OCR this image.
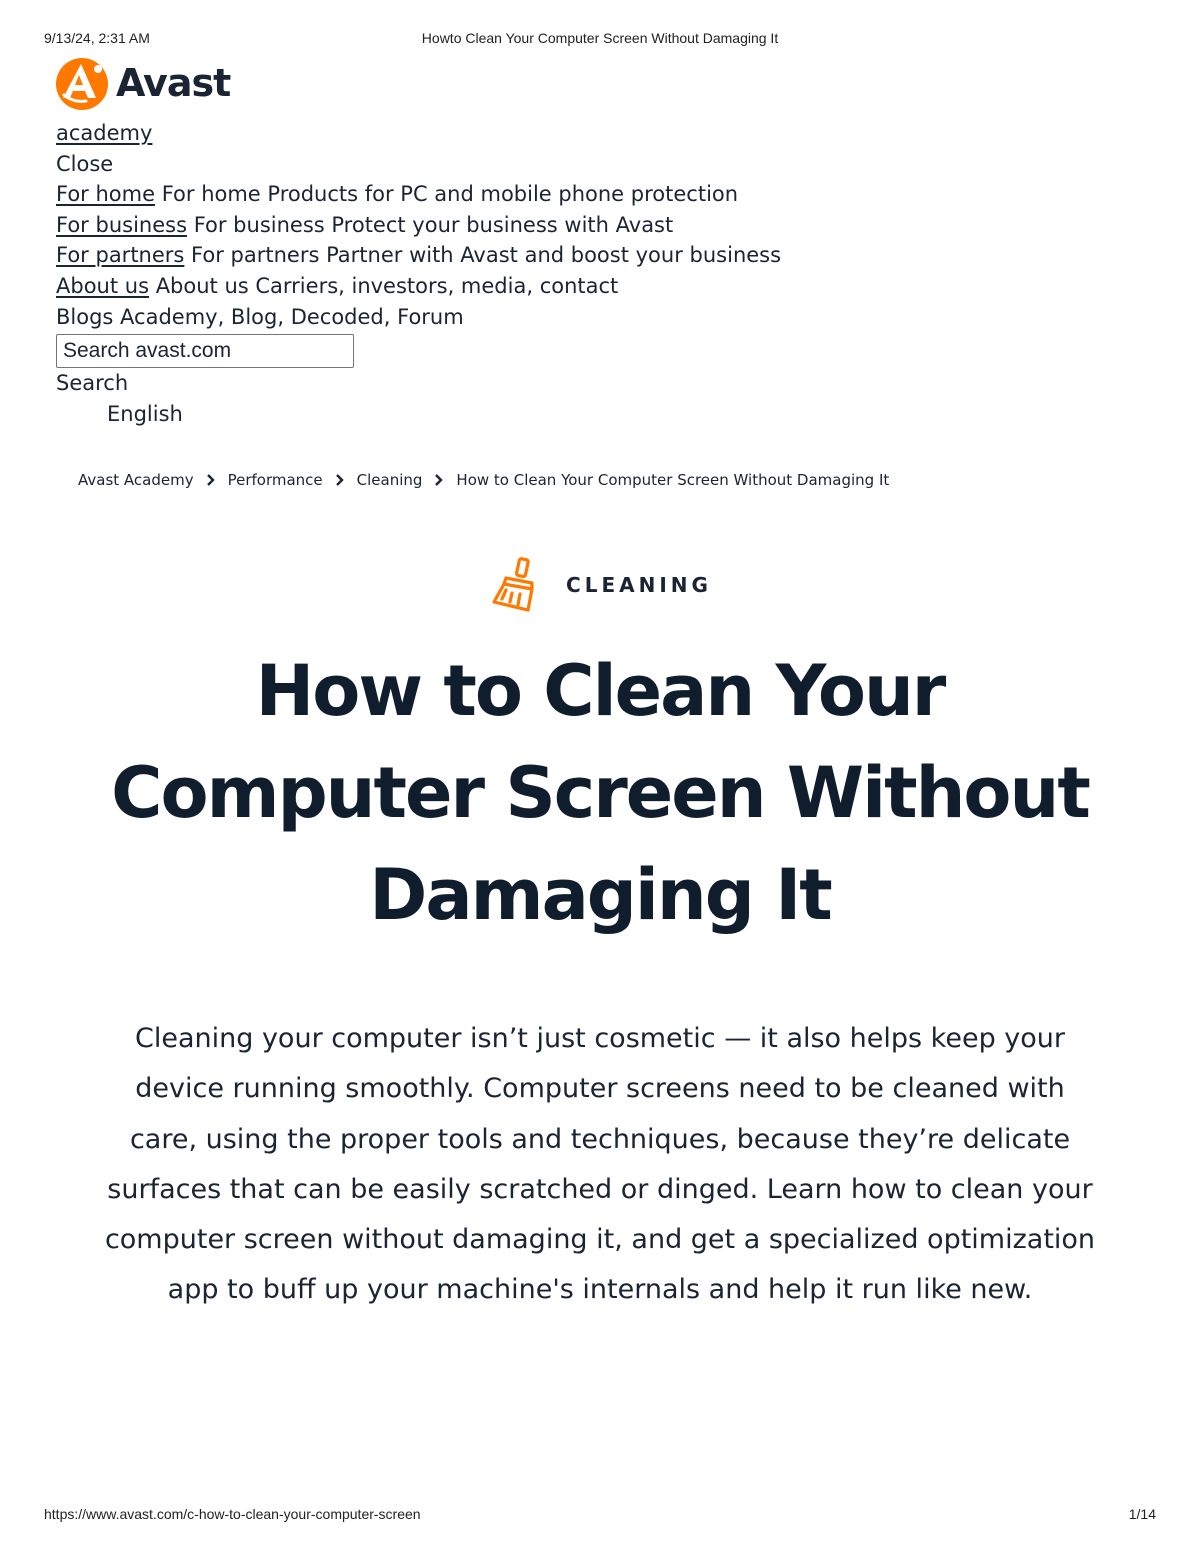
9/13/24, 2:31 AM	Howto Clean Your Computer Screen Without Damaging It
Avast
academy
Close
For home For home Products for PC and mobile phone protection
For business For business Protect your business with Avast
For partners For partners Partner with Avast and boost your business
About us About us Carriers, investors, media, contact
Blogs Academy, Blog, Decoded, Forum
Search avast.com
Search
English
Avast Academy Performance Cleaning How to Clean Your Computer Screen Without Damaging It
CLEANING
How to Clean Your Computer Screen Without Damaging It

Cleaning your computer isn’t just cosmetic — it also helps keep your device running smoothly. Computer screens need to be cleaned with care, using the proper tools and techniques, because they’re delicate surfaces that can be easily scratched or dinged. Learn how to clean your computer screen without damaging it, and get a specialized optimization app to buff up your machine's internals and help it run like new.

https://www.avast.com/c-how-to-clean-your-computer-screen	1/14
